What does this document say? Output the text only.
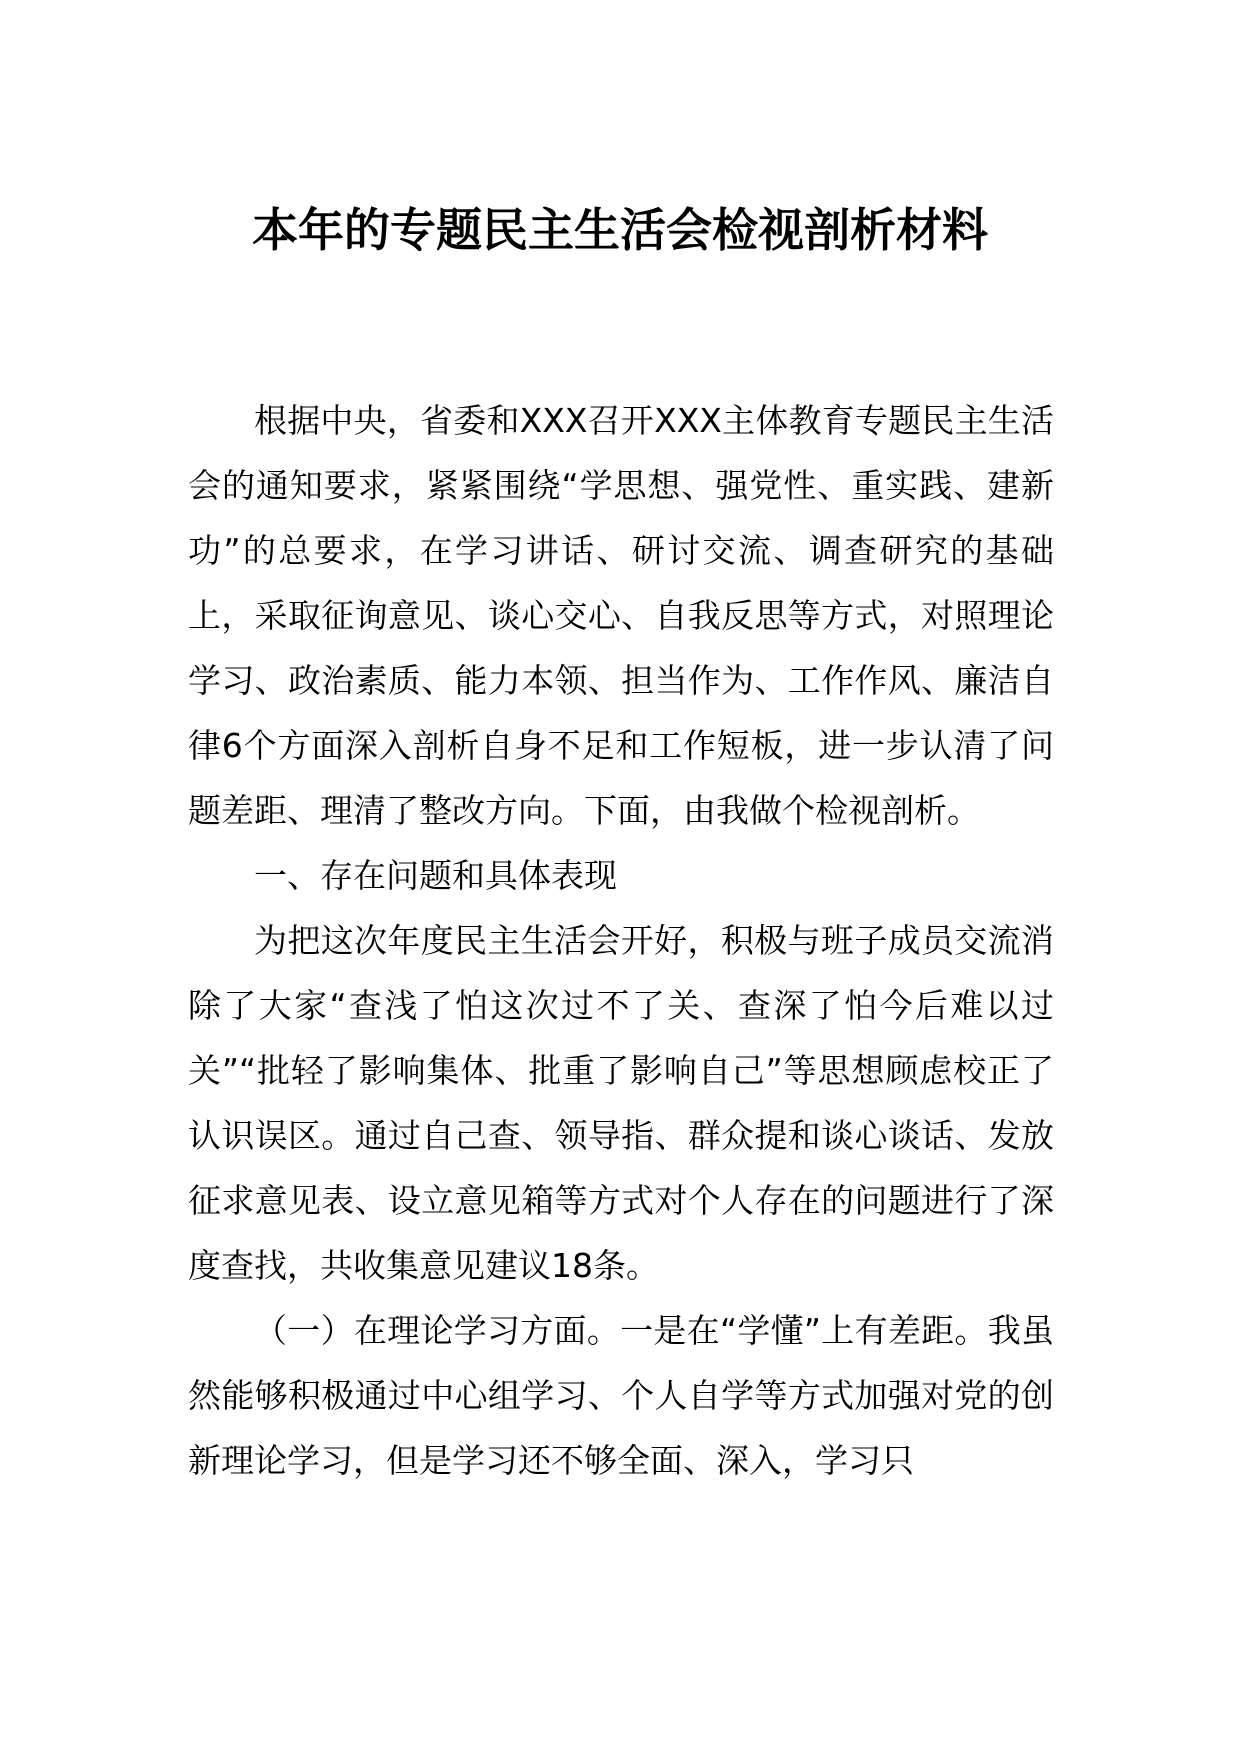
本年的专题民主生活会检视剖析材料

根据中央，省委和XXX召开XXX主体教育专题民主生活会的通知要求，紧紧围绕“学思想、强党性、重实践、建新功”的总要求，在学习讲话、研讨交流、调查研究的基础上，采取征询意见、谈心交心、自我反思等方式，对照理论学习、政治素质、能力本领、担当作为、工作作风、廉洁自律6个方面深入剖析自身不足和工作短板，进一步认清了问题差距、理清了整改方向。下面，由我做个检视剖析。

一、存在问题和具体表现

为把这次年度民主生活会开好，积极与班子成员交流消除了大家“查浅了怕这次过不了关、查深了怕今后难以过关”“批轻了影响集体、批重了影响自己”等思想顾虑校正了认识误区。通过自己查、领导指、群众提和谈心谈话、发放征求意见表、设立意见箱等方式对个人存在的问题进行了深度查找，共收集意见建议18条。

（一）在理论学习方面。一是在“学懂”上有差距。我虽然能够积极通过中心组学习、个人自学等方式加强对党的创新理论学习，但是学习还不够全面、深入，学习只
